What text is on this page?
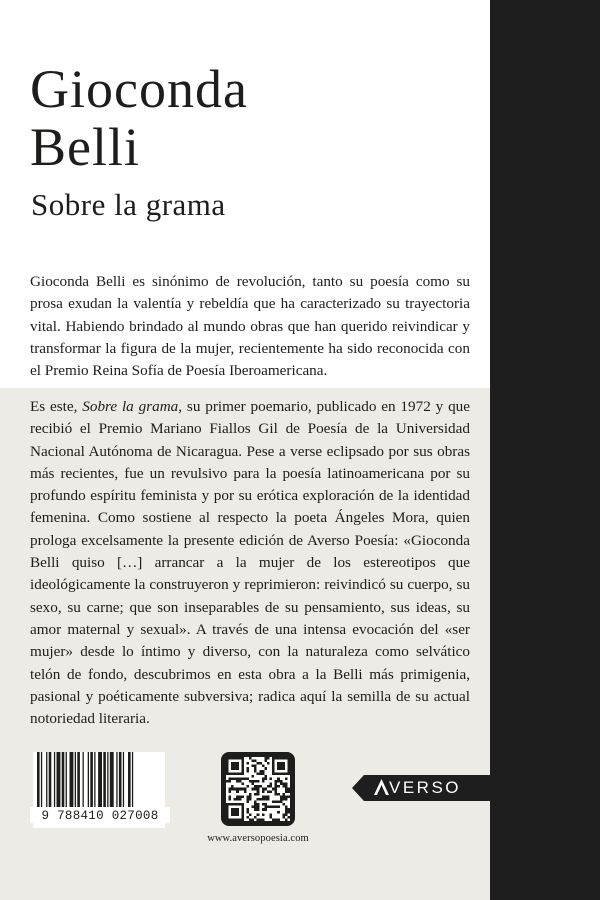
Gioconda
Belli
Sobre la grama

Gioconda Belli es sinónimo de revolución, tanto su poesía como su prosa exudan la valentía y rebeldía que ha caracterizado su trayectoria vital. Habiendo brindado al mundo obras que han querido reivindicar y transformar la figura de la mujer, recientemente ha sido reconocida con el Premio Reina Sofía de Poesía Iberoamericana.

Es este, Sobre la grama, su primer poemario, publicado en 1972 y que recibió el Premio Mariano Fiallos Gil de Poesía de la Universidad Nacional Autónoma de Nicaragua. Pese a verse eclipsado por sus obras más recientes, fue un revulsivo para la poesía latinoamericana por su profundo espíritu feminista y por su erótica exploración de la identidad femenina. Como sostiene al respecto la poeta Ángeles Mora, quien prologa excelsamente la presente edición de Averso Poesía: «Gioconda Belli quiso […] arrancar a la mujer de los estereotipos que ideológicamente la construyeron y reprimieron: reivindicó su cuerpo, su sexo, su carne; que son inseparables de su pensamiento, sus ideas, su amor maternal y sexual». A través de una intensa evocación del «ser mujer» desde lo íntimo y diverso, con la naturaleza como selvático telón de fondo, descubrimos en esta obra a la Belli más primigenia, pasional y poéticamente subversiva; radica aquí la semilla de su actual notoriedad literaria.

9 788410 027008
www.aversopoesia.com
VERSO
